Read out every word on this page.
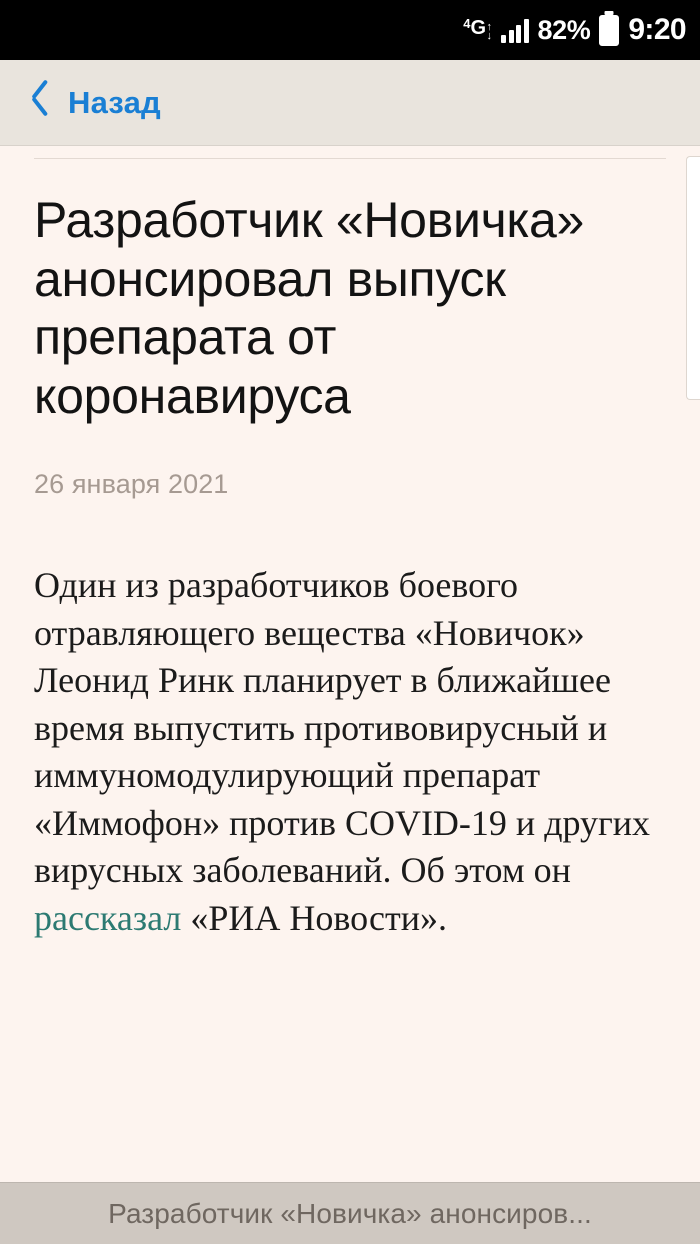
4 G ↑
↓ 82% 9:20
Назад
Разработчик «Новичка» анонсировал выпуск препарата от коронавируса
26 января 2021
Один из разработчиков боевого отравляющего вещества «Новичок» Леонид Ринк планирует в ближайшее время выпустить противовирусный и иммуномодулирующий препарат «Иммофон» против COVID-19 и других вирусных заболеваний. Об этом он рассказал «РИА Новости».
Разработчик «Новичка» анонсиров...
